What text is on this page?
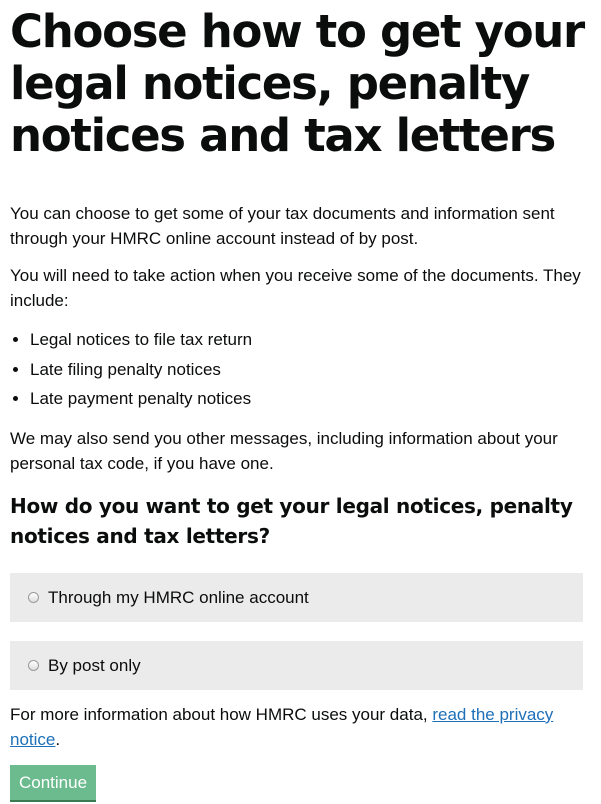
Choose how to get your legal notices, penalty notices and tax letters

You can choose to get some of your tax documents and information sent through your HMRC online account instead of by post.

You will need to take action when you receive some of the documents. They include:

• Legal notices to file tax return
• Late filing penalty notices
• Late payment penalty notices

We may also send you other messages, including information about your personal tax code, if you have one.

How do you want to get your legal notices, penalty notices and tax letters?
Through my HMRC online account
By post only

For more information about how HMRC uses your data, read the privacy notice.

Continue
